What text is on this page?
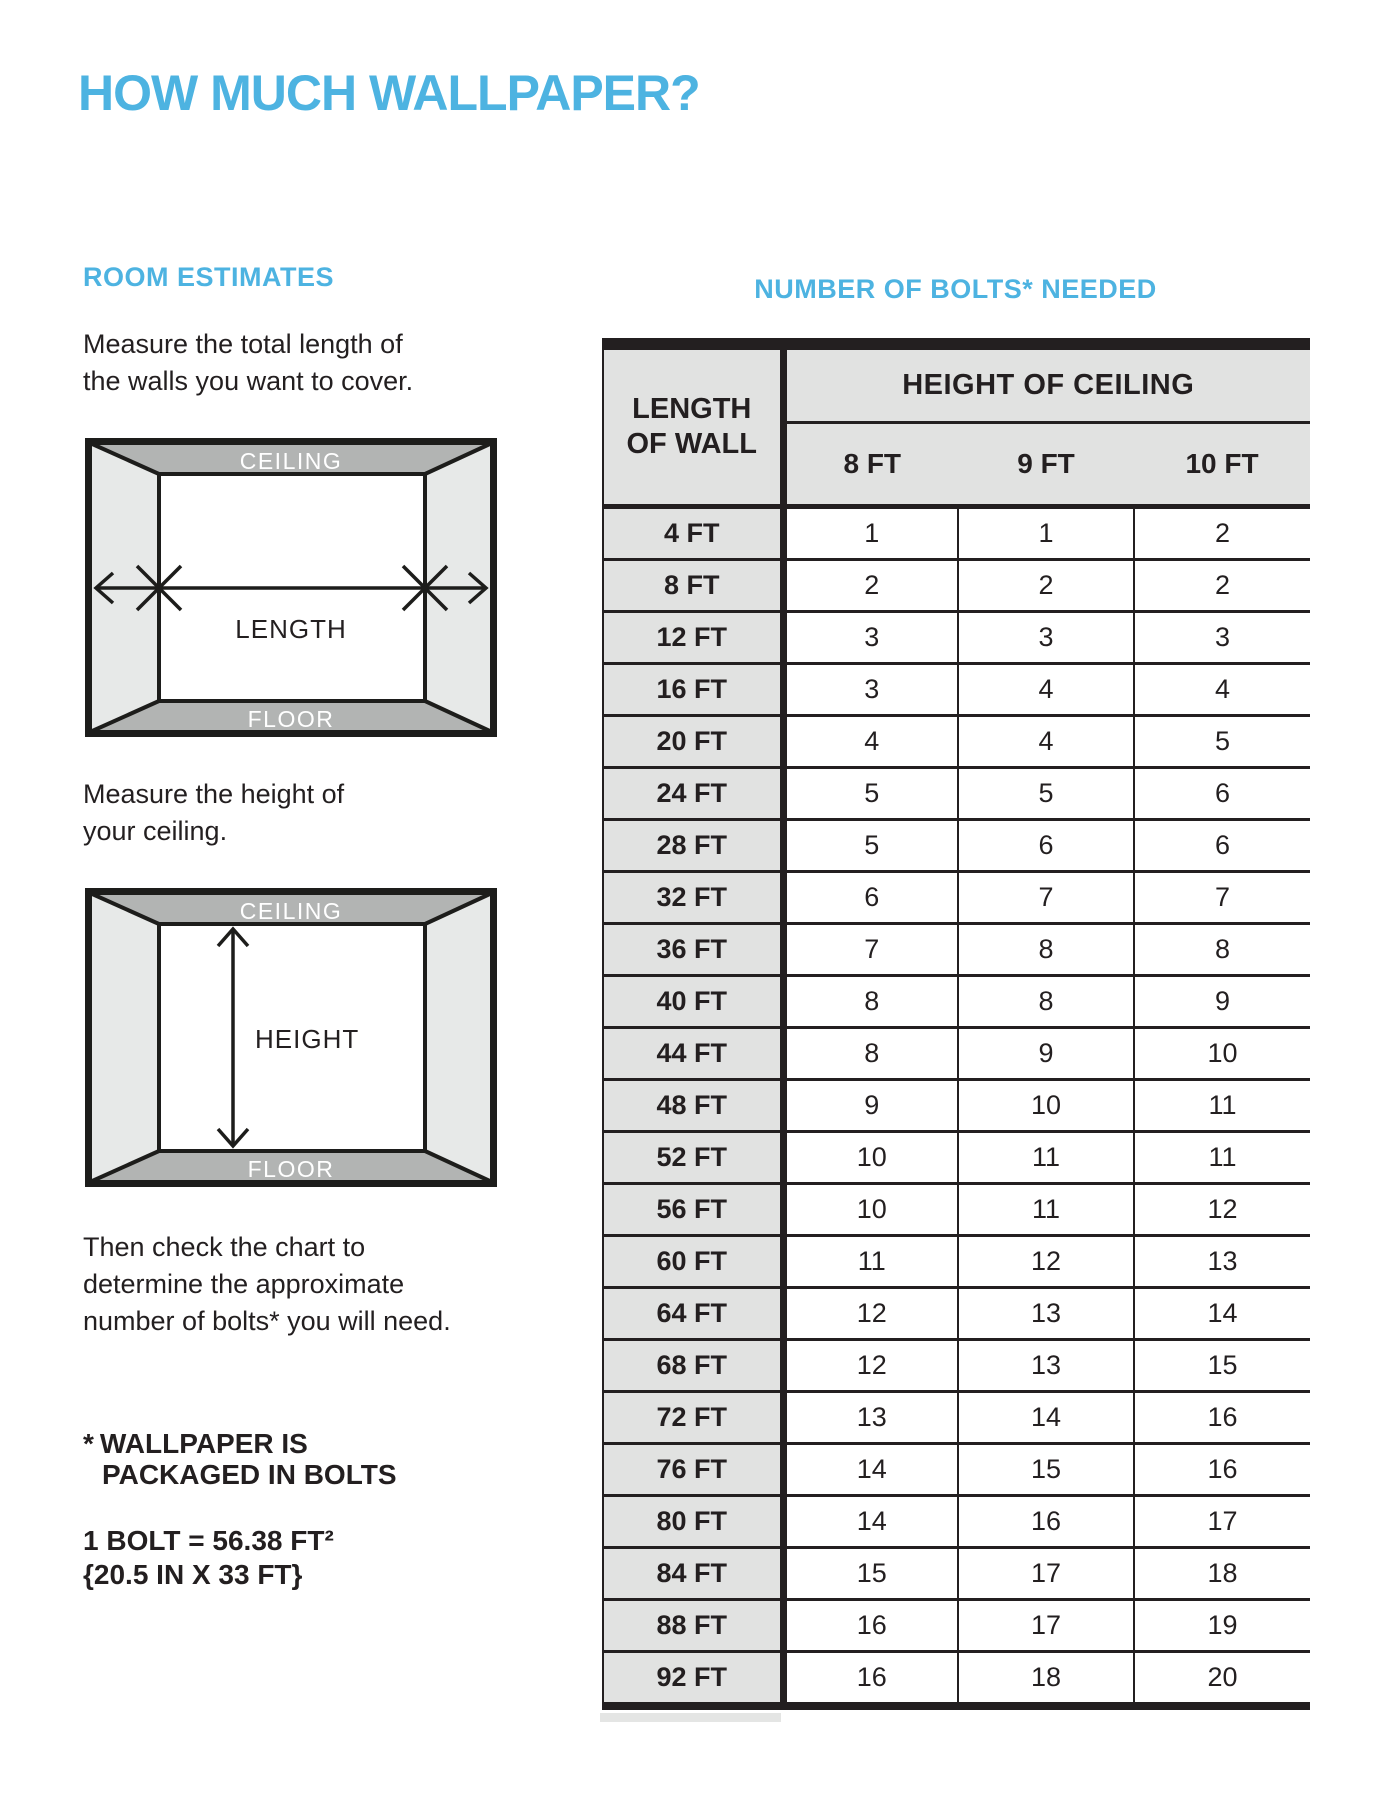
HOW MUCH WALLPAPER?
ROOM ESTIMATES
Measure the total length of
the walls you want to cover.
CEILING
FLOOR
LENGTH
Measure the height of
your ceiling.
CEILING
FLOOR
HEIGHT
Then check the chart to
determine the approximate
number of bolts* you will need.
* WALLPAPER IS
PACKAGED IN BOLTS
1 BOLT = 56.38 FT²
{20.5 IN X 33 FT}
NUMBER OF BOLTS* NEEDED
LENGTH
OF WALL	HEIGHT OF CEILING		
	8 FT	9 FT	10 FT
4 FT	1	1	2
8 FT	2	2	2
12 FT	3	3	3
16 FT	3	4	4
20 FT	4	4	5
24 FT	5	5	6
28 FT	5	6	6
32 FT	6	7	7
36 FT	7	8	8
40 FT	8	8	9
44 FT	8	9	10
48 FT	9	10	11
52 FT	10	11	11
56 FT	10	11	12
60 FT	11	12	13
64 FT	12	13	14
68 FT	12	13	15
72 FT	13	14	16
76 FT	14	15	16
80 FT	14	16	17
84 FT	15	17	18
88 FT	16	17	19
92 FT	16	18	20
